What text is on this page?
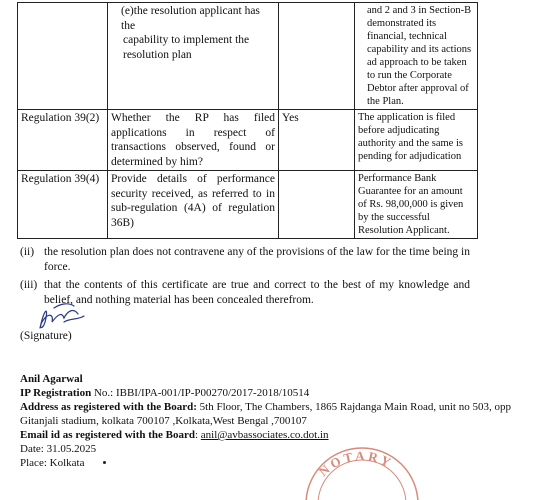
	(e)the resolution applicant has the
capability to implement the
resolution plan		and 2 and 3 in Section-B demonstrated its financial, technical capability and its actions ad approach to be taken to run the Corporate Debtor after approval of the Plan.
Regulation 39(2)	Whether the RP has filed applications in respect of transactions observed, found or determined by him?	Yes	The application is filed before adjudicating authority and the same is pending for adjudication
Regulation 39(4)	Provide details of performance security received, as referred to in sub-regulation (4A) of regulation 36B)		Performance Bank Guarantee for an amount of Rs. 98,00,000 is given by the successful Resolution Applicant.
(ii) the resolution plan does not contravene any of the provisions of the law for the time being in force.
(iii) that the contents of this certificate are true and correct to the best of my knowledge and belief, and nothing material has been concealed therefrom.
(Signature)
Anil Agarwal
IP Registration No.: IBBI/IPA-001/IP-P00270/2017-2018/10514
Address as registered with the Board: 5th Floor, The Chambers, 1865 Rajdanga Main Road, unit no 503, opp Gitanjali stadium, kolkata 700107 ,Kolkata,West Bengal ,700107
Email id as registered with the Board: anil@avbassociates.co.dot.in
Date: 31.05.2025
Place: Kolkata	NOTARY
